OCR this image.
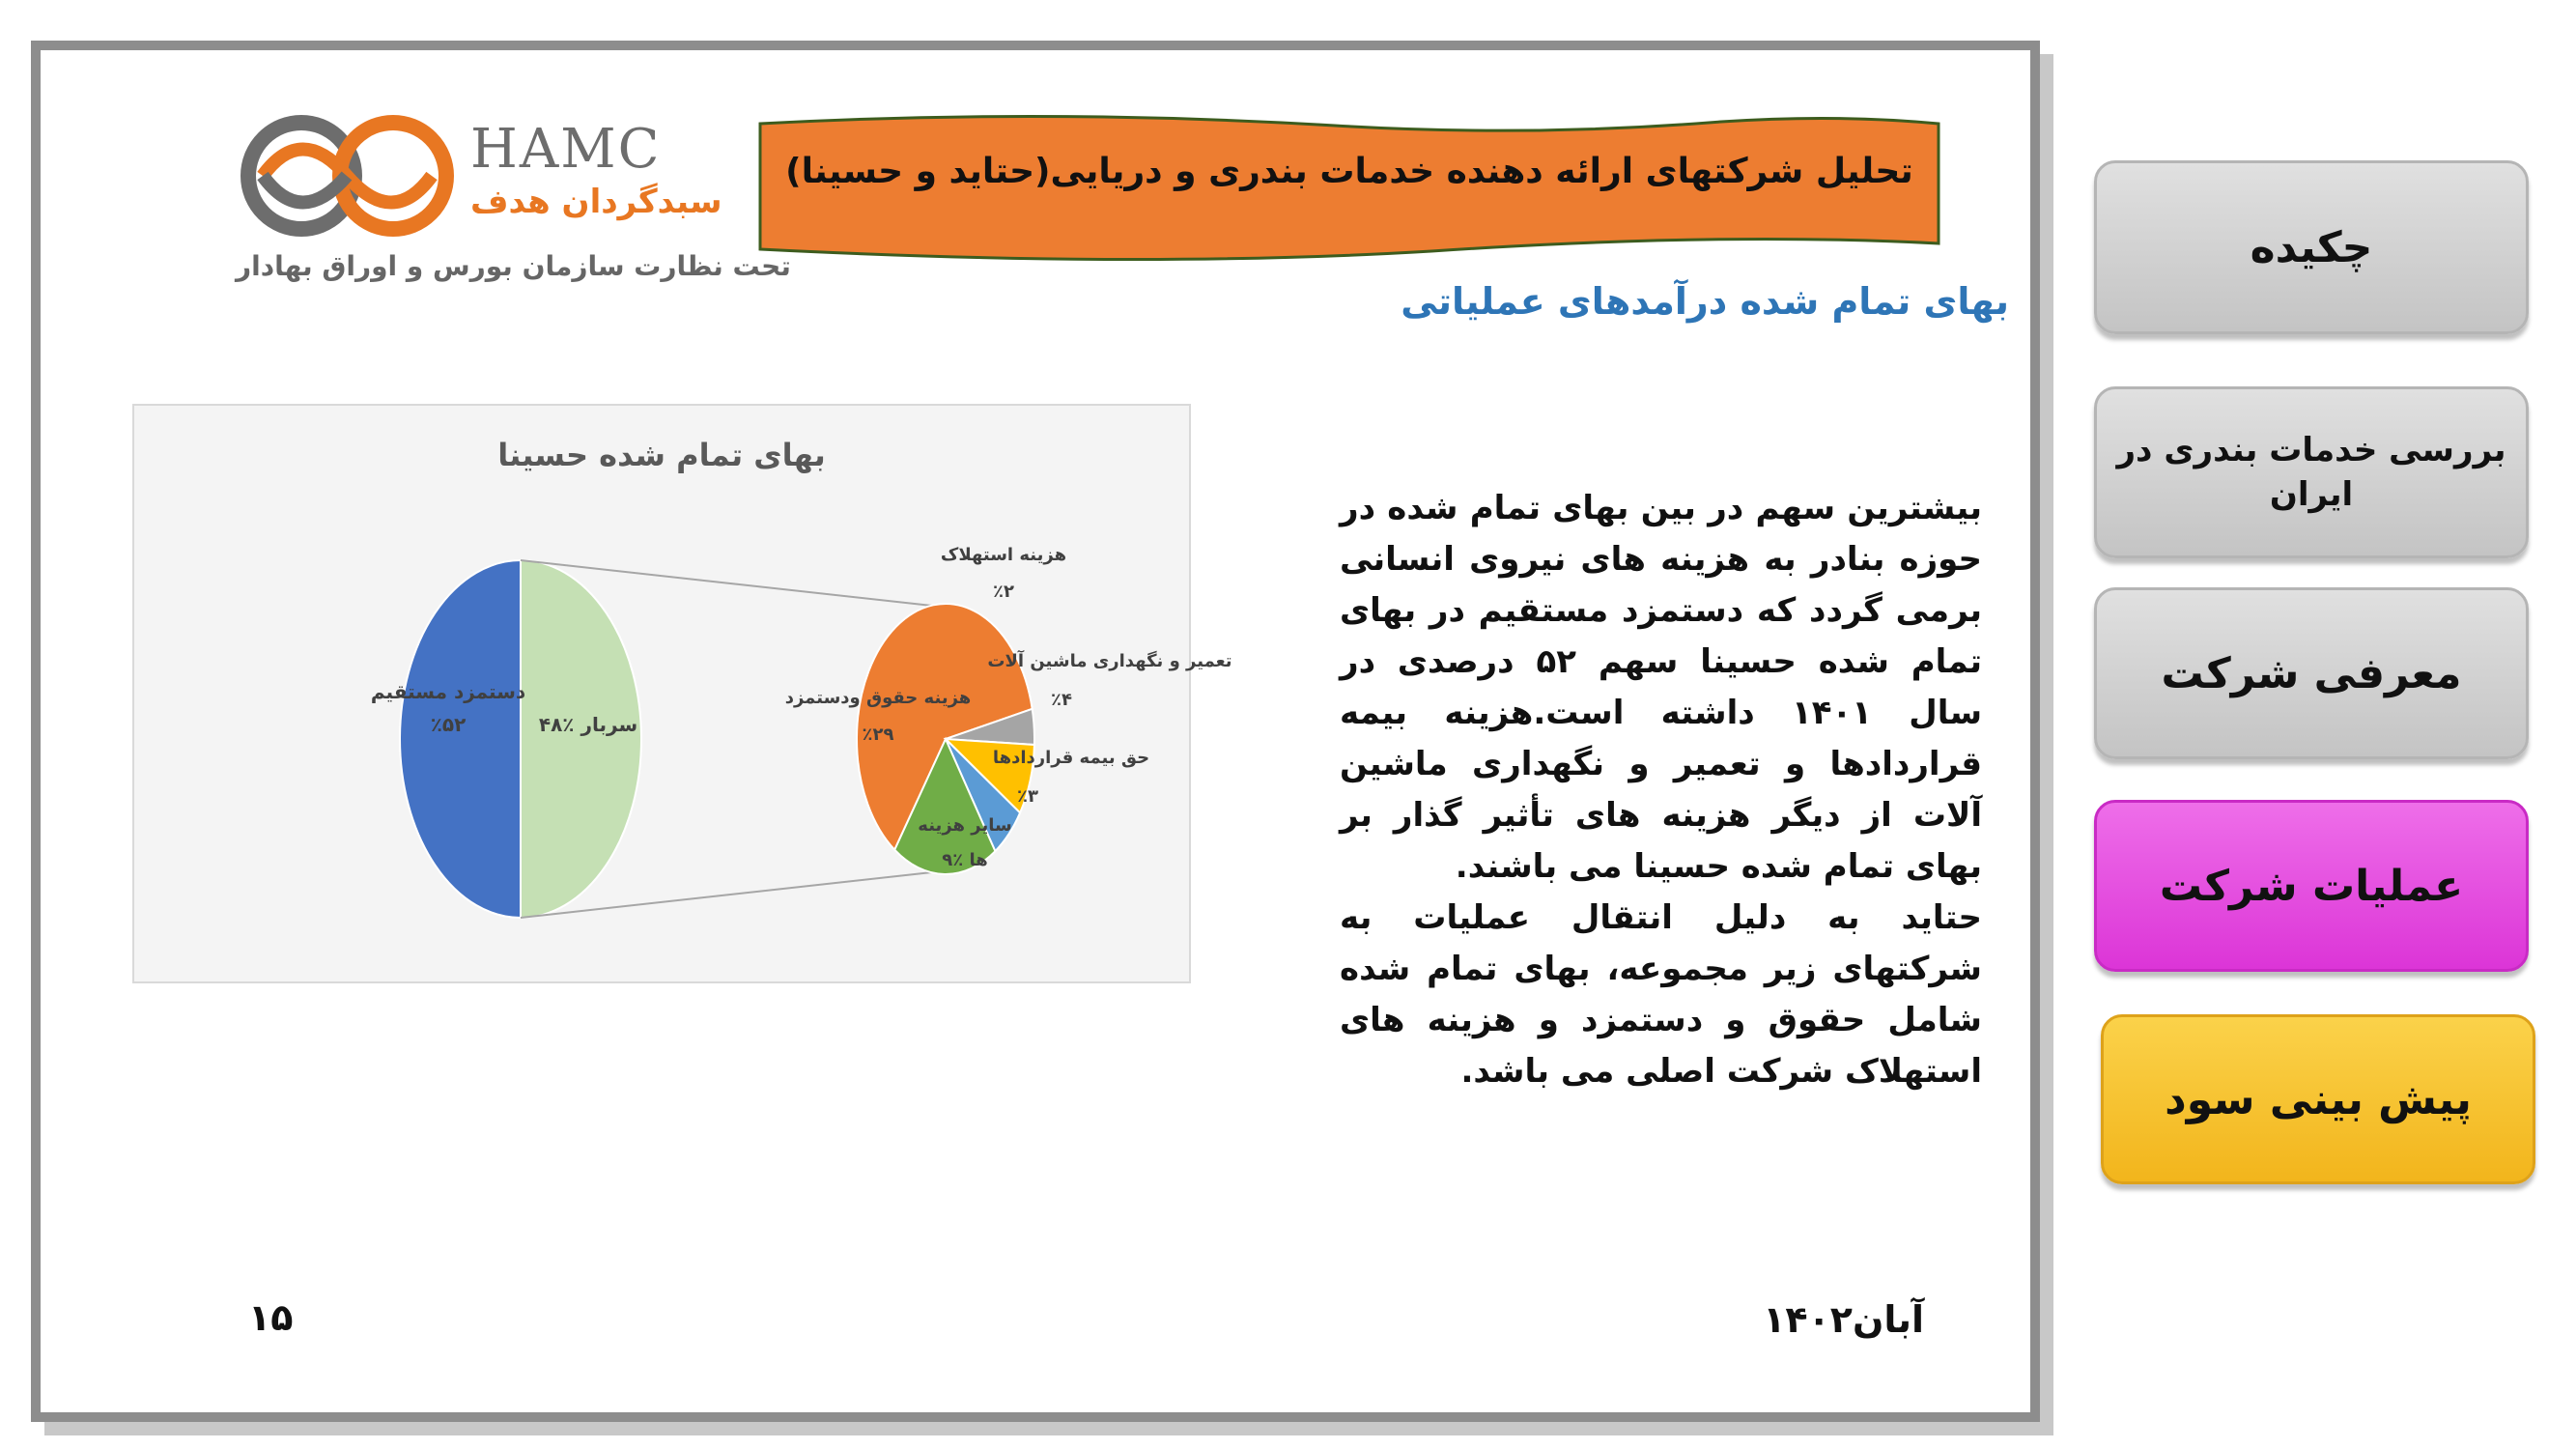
HAMC
سبدگردان هدف
تحت نظارت سازمان بورس و اوراق بهادار
تحلیل شرکتهای ارائه دهنده خدمات بندری و دریایی(حتاید و حسینا)
بهای تمام شده درآمدهای عملیاتی
بهای تمام شده حسینا
دستمزد مستقیم
٪۵۲	سربار ٪۴۸
هزینه حقوق ودستمزد
٪۲۹
هزینه استهلاک
٪۲
تعمیر و نگهداری ماشین آلات
٪۴
حق بیمه قراردادها
٪۳
سایر هزینه
ها ٪۹

بیشترین سهم در بین بهای تمام شده در حوزه بنادر به هزینه های نیروی انسانی برمی گردد که دستمزد مستقیم در بهای تمام شده حسینا سهم ۵۲ درصدی در سال ۱۴۰۱ داشته است.هزینه بیمه قراردادها و تعمیر و نگهداری ماشین آلات از دیگر هزینه های تأثیر گذار بر بهای تمام شده حسینا می باشند.

حتاید به دلیل انتقال عملیات به شرکتهای زیر مجموعه، بهای تمام شده شامل حقوق و دستمزد و هزینه های استهلاک شرکت اصلی می باشد.

۱۵	آبان۱۴۰۲
چکیده
بررسی خدمات بندری در ایران
معرفی شرکت
عملیات شرکت
پیش بینی سود
